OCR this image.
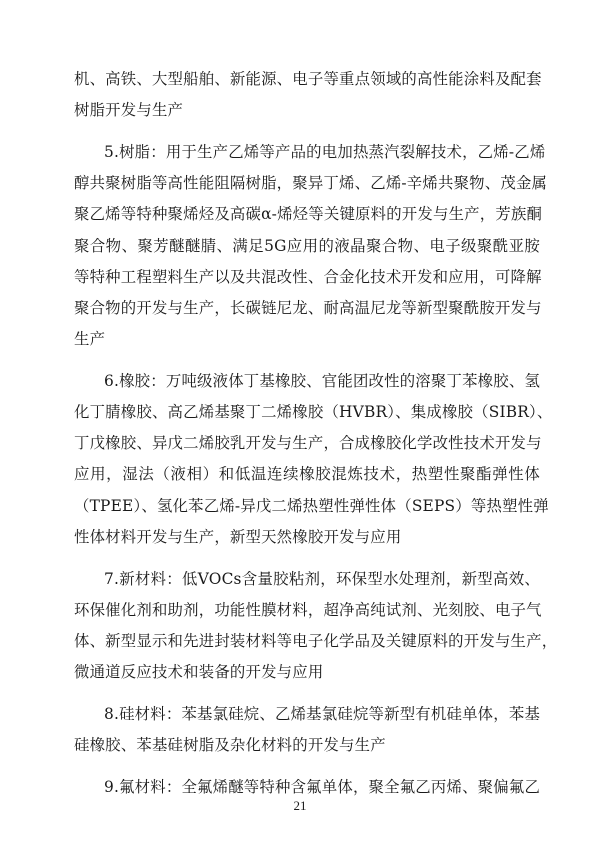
机、高铁、大型船舶、新能源、电子等重点领域的高性能涂料及配套
树脂开发与生产
5.树脂：用于生产乙烯等产品的电加热蒸汽裂解技术，乙烯-乙烯
醇共聚树脂等高性能阻隔树脂，聚异丁烯、乙烯-辛烯共聚物、茂金属
聚乙烯等特种聚烯烃及高碳α-烯烃等关键原料的开发与生产，芳族酮
聚合物、聚芳醚醚腈、满足5G应用的液晶聚合物、电子级聚酰亚胺
等特种工程塑料生产以及共混改性、合金化技术开发和应用，可降解
聚合物的开发与生产，长碳链尼龙、耐高温尼龙等新型聚酰胺开发与
生产
6.橡胶：万吨级液体丁基橡胶、官能团改性的溶聚丁苯橡胶、氢
化丁腈橡胶、高乙烯基聚丁二烯橡胶（HVBR）、集成橡胶（SIBR）、
丁戊橡胶、异戊二烯胶乳开发与生产，合成橡胶化学改性技术开发与
应用，湿法（液相）和低温连续橡胶混炼技术，热塑性聚酯弹性体
（TPEE）、氢化苯乙烯-异戊二烯热塑性弹性体（SEPS）等热塑性弹
性体材料开发与生产，新型天然橡胶开发与应用
7.新材料：低VOCs含量胶粘剂，环保型水处理剂，新型高效、
环保催化剂和助剂，功能性膜材料，超净高纯试剂、光刻胶、电子气
体、新型显示和先进封装材料等电子化学品及关键原料的开发与生产，
微通道反应技术和装备的开发与应用
8.硅材料：苯基氯硅烷、乙烯基氯硅烷等新型有机硅单体，苯基
硅橡胶、苯基硅树脂及杂化材料的开发与生产
9.氟材料：全氟烯醚等特种含氟单体，聚全氟乙丙烯、聚偏氟乙
21
